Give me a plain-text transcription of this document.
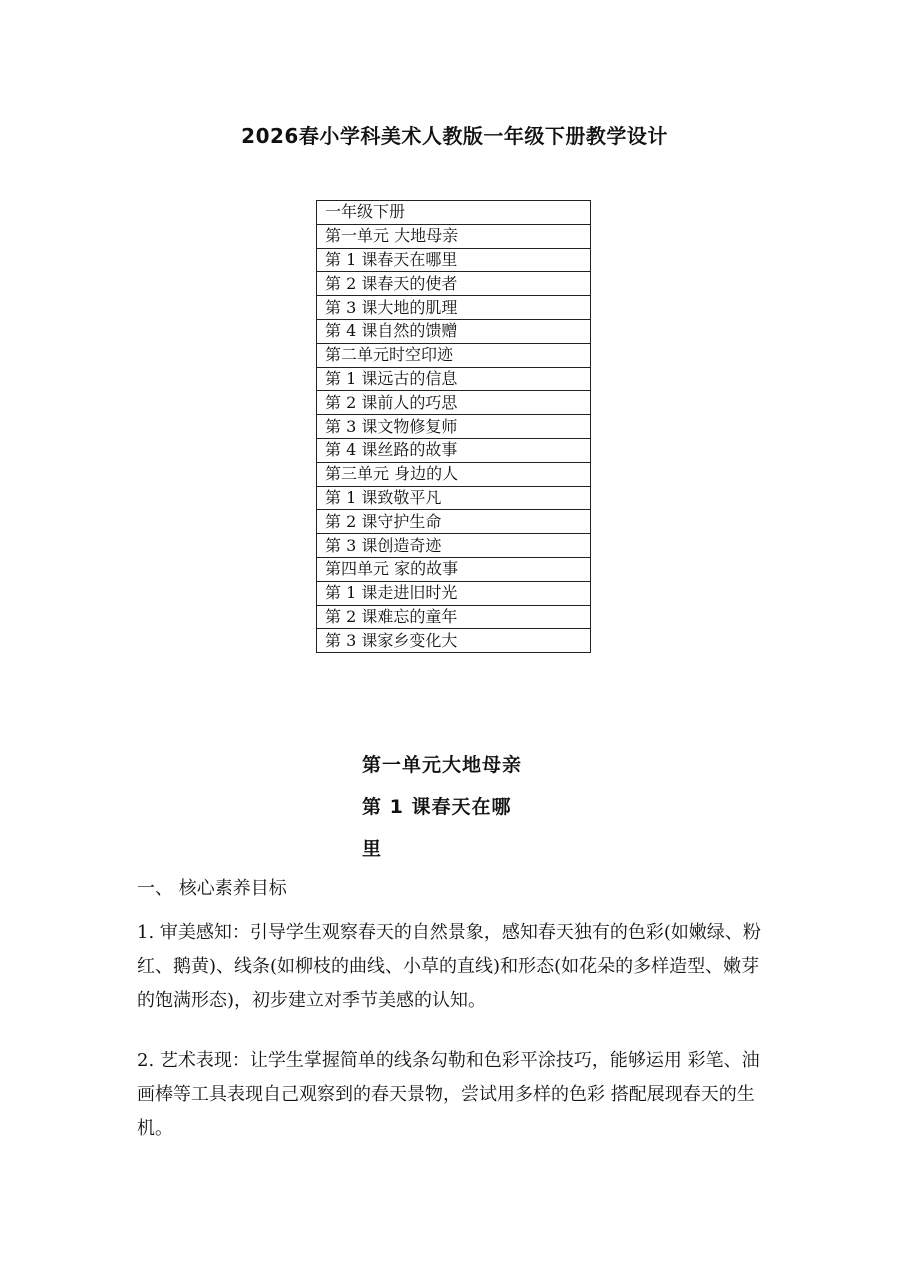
2026春小学科美术人教版一年级下册教学设计
一年级下册
第一单元 大地母亲
第 1 课春天在哪里
第 2 课春天的使者
第 3 课大地的肌理
第 4 课自然的馈赠
第二单元时空印迹
第 1 课远古的信息
第 2 课前人的巧思
第 3 课文物修复师
第 4 课丝路的故事
第三单元 身边的人
第 1 课致敬平凡
第 2 课守护生命
第 3 课创造奇迹
第四单元 家的故事
第 1 课走进旧时光
第 2 课难忘的童年
第 3 课家乡变化大
第一单元大地母亲
第 1 课春天在哪
里
一、 核心素养目标

1. 审美感知：引导学生观察春天的自然景象，感知春天独有的色彩(如嫩绿、粉红、鹅黄)、线条(如柳枝的曲线、小草的直线)和形态(如花朵的多样造型、嫩芽的饱满形态)，初步建立对季节美感的认知。

2. 艺术表现：让学生掌握简单的线条勾勒和色彩平涂技巧，能够运用 彩笔、油画棒等工具表现自己观察到的春天景物，尝试用多样的色彩 搭配展现春天的生机。
